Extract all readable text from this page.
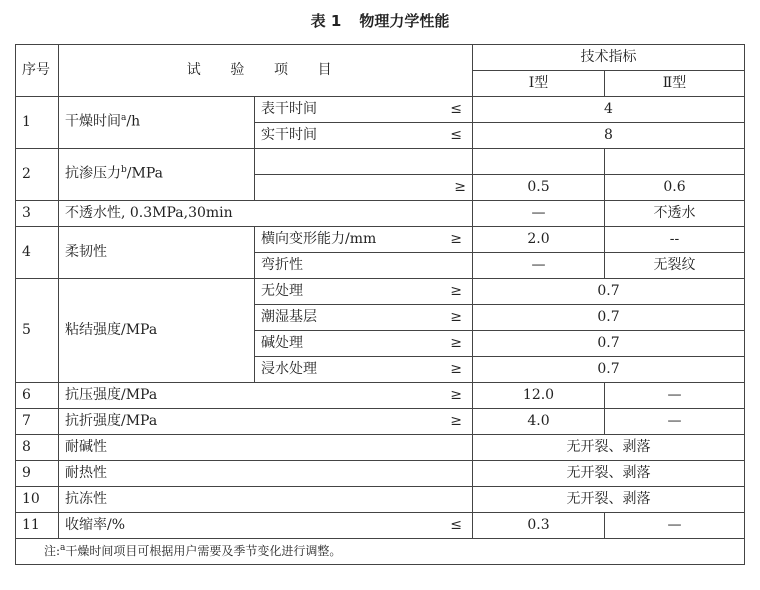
表 1 物理力学性能
序号	试 验 项 目		技术指标	
			Ⅰ型	Ⅱ型
1	干燥时间$^a$/h	表干时间 ≤	4	
		实干时间 ≤	8	
2	抗渗压力$^b$/MPa			
		≥	0.5	0.6
3	不透水性, 0.3MPa,30min		—	不透水
4	柔韧性	横向变形能力/mm ≥	2.0	--
		弯折性	—	无裂纹
5	粘结强度/MPa	无处理 ≥	0.7	
		潮湿基层 ≥	0.7	
		碱处理 ≥	0.7	
		浸水处理 ≥	0.7	
6	抗压强度/MPa ≥		12.0	—
7	抗折强度/MPa ≥		4.0	—
8	耐碱性		无开裂、剥落	
9	耐热性		无开裂、剥落	
10	抗冻性		无开裂、剥落	
11	收缩率/% ≤		0.3	—
注:$^a$干燥时间项目可根据用户需要及季节变化进行调整。				
